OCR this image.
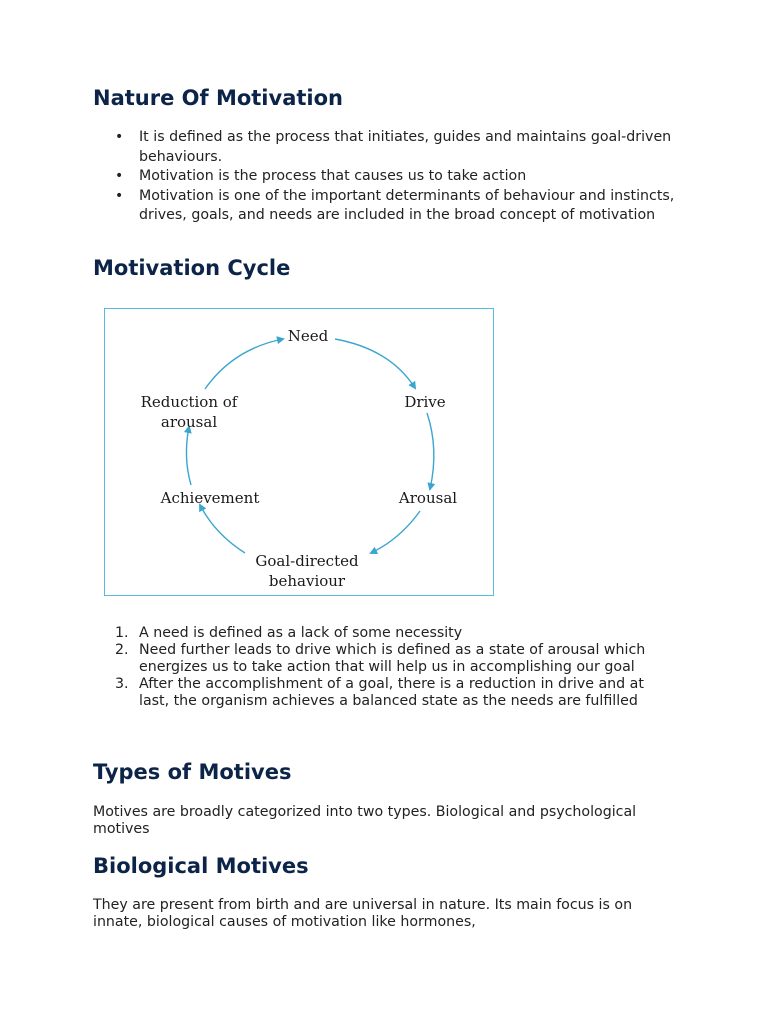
Nature Of Motivation
• It is defined as the process that initiates, guides and maintains goal-driven behaviours.
• Motivation is the process that causes us to take action
• Motivation is one of the important determinants of behaviour and instincts, drives, goals, and needs are included in the broad concept of motivation
Motivation Cycle
Need
Drive
Arousal
Goal-directed
behaviour
Achievement
Reduction of
arousal
1. A need is defined as a lack of some necessity
2. Need further leads to drive which is defined as a state of arousal which energizes us to take action that will help us in accomplishing our goal
3. After the accomplishment of a goal, there is a reduction in drive and at last, the organism achieves a balanced state as the needs are fulfilled
Types of Motives

Motives are broadly categorized into two types. Biological and psychological motives

Biological Motives

They are present from birth and are universal in nature. Its main focus is on innate, biological causes of motivation like hormones,
